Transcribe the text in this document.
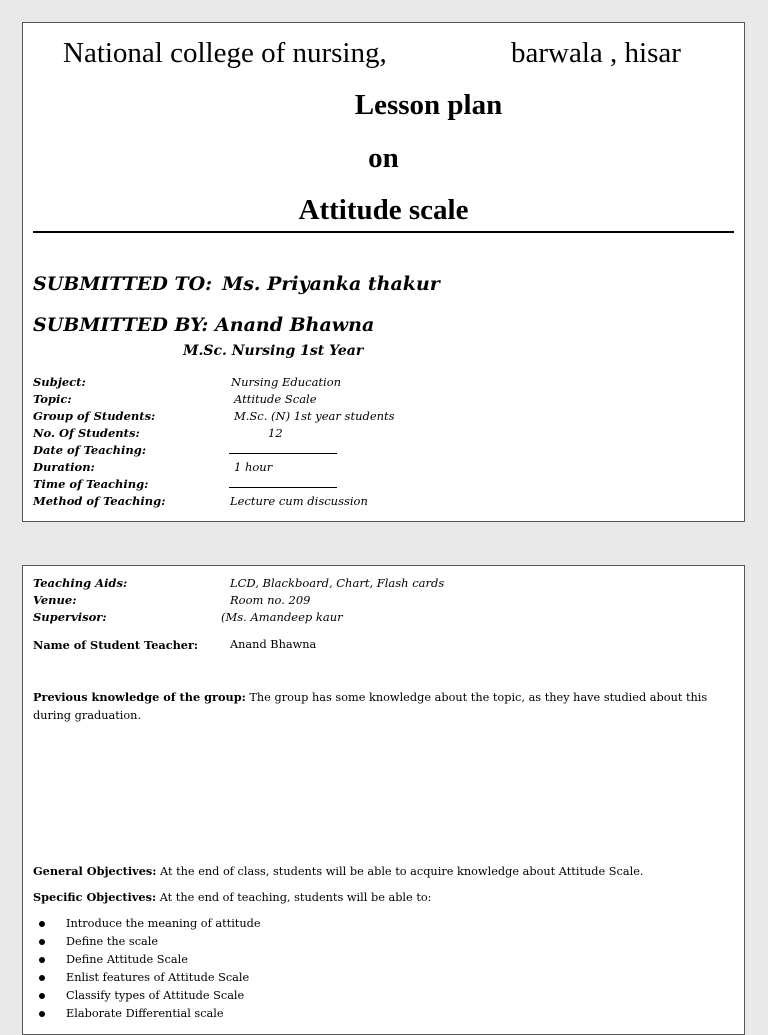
National college of nursing,	barwala , hisar
Lesson plan
on
Attitude scale
SUBMITTED TO: Ms. Priyanka thakur
SUBMITTED BY: Anand Bhawna
M.Sc. Nursing 1st Year
Subject:	Nursing Education
Topic:	Attitude Scale
Group of Students:	M.Sc. (N) 1st year students
No. Of Students:	12
Date of Teaching:
Duration:	1 hour
Time of Teaching:
Method of Teaching:	Lecture cum discussion
Teaching Aids:	LCD, Blackboard, Chart, Flash cards
Venue:	Room no. 209
Supervisor:	(Ms. Amandeep kaur
Name of Student Teacher:	Anand Bhawna
Previous knowledge of the group: The group has some knowledge about the topic, as they have studied about this during graduation.
General Objectives: At the end of class, students will be able to acquire knowledge about Attitude Scale.
Specific Objectives: At the end of teaching, students will be able to:
Introduce the meaning of attitude
Define the scale
Define Attitude Scale
Enlist features of Attitude Scale
Classify types of Attitude Scale
Elaborate Differential scale
